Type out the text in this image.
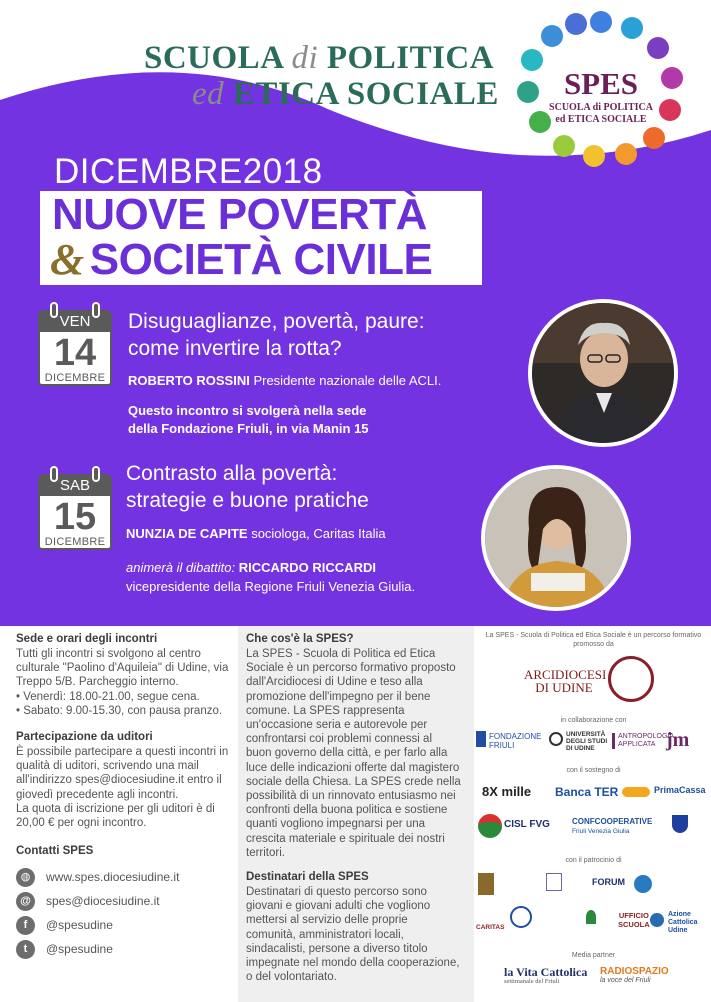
SCUOLA di POLITICA
ed ETICA SOCIALE	SPES
SCUOLA di POLITICA
ed ETICA SOCIALE
DICEMBRE2018
NUOVE POVERTÀ
& SOCIETÀ CIVILE
VEN
14
DICEMBRE
Disuguaglianze, povertà, paure:
come invertire la rotta?
ROBERTO ROSSINI Presidente nazionale delle ACLI.
Questo incontro si svolgerà nella sede
della Fondazione Friuli, in via Manin 15
SAB
15
DICEMBRE
Contrasto alla povertà:
strategie e buone pratiche
NUNZIA DE CAPITE sociologa, Caritas Italia
animerà il dibattito: RICCARDO RICCARDI
vicepresidente della Regione Friuli Venezia Giulia.
Sede e orari degli incontri
Tutti gli incontri si svolgono al centro
culturale "Paolino d'Aquileia" di Udine, via
Treppo 5/B. Parcheggio interno.
• Venerdì: 18.00-21.00, segue cena.
• Sabato: 9.00-15.30, con pausa pranzo.
Partecipazione da uditori
È possibile partecipare a questi incontri in
qualità di uditori, scrivendo una mail
all'indirizzo spes@diocesiudine.it entro il
giovedì precedente agli incontri.
La quota di iscrizione per gli uditori è di
20,00 € per ogni incontro.
Contatti SPES
◍	www.spes.diocesiudine.it
@	spes@diocesiudine.it
f	@spesudine
t	@spesudine
Che cos'è la SPES?
La SPES - Scuola di Politica ed Etica
Sociale è un percorso formativo proposto
dall'Arcidiocesi di Udine e teso alla
promozione dell'impegno per il bene
comune. La SPES rappresenta
un'occasione seria e autorevole per
confrontarsi coi problemi connessi al
buon governo della città, e per farlo alla
luce delle indicazioni offerte dal magistero
sociale della Chiesa. La SPES crede nella
possibilità di un rinnovato entusiasmo nei
confronti della buona politica e sostiene
quanti vogliono impegnarsi per una
crescita materiale e spirituale dei nostri
territori.
Destinatari della SPES
Destinatari di questo percorso sono
giovani e giovani adulti che vogliono
mettersi al servizio delle proprie
comunità, amministratori locali,
sindacalisti, persone a diverso titolo
impegnate nel mondo della cooperazione,
o del volontariato.
La SPES - Scuola di Politica ed Etica Sociale è un percorso formativo
promosso da
ARCIDIOCESI
DI UDINE
in collaborazione con
FONDAZIONE
FRIULI
UNIVERSITÀ
DEGLI STUDI
DI UDINE
ANTROPOLOGIA
APPLICATA jm
con il sostegno di
8X mille Banca TER	PrimaCassa
CISL FVG	CONFCOOPERATIVE
Friuli Venezia Giulia
con il patrocinio di
FORUM
CARITAS
UFFICIO
SCUOLA
Azione
Cattolica
Udine
Media partner
la Vita Cattolica
settimanale del Friuli
RADIOSPAZIO
la voce del Friuli
